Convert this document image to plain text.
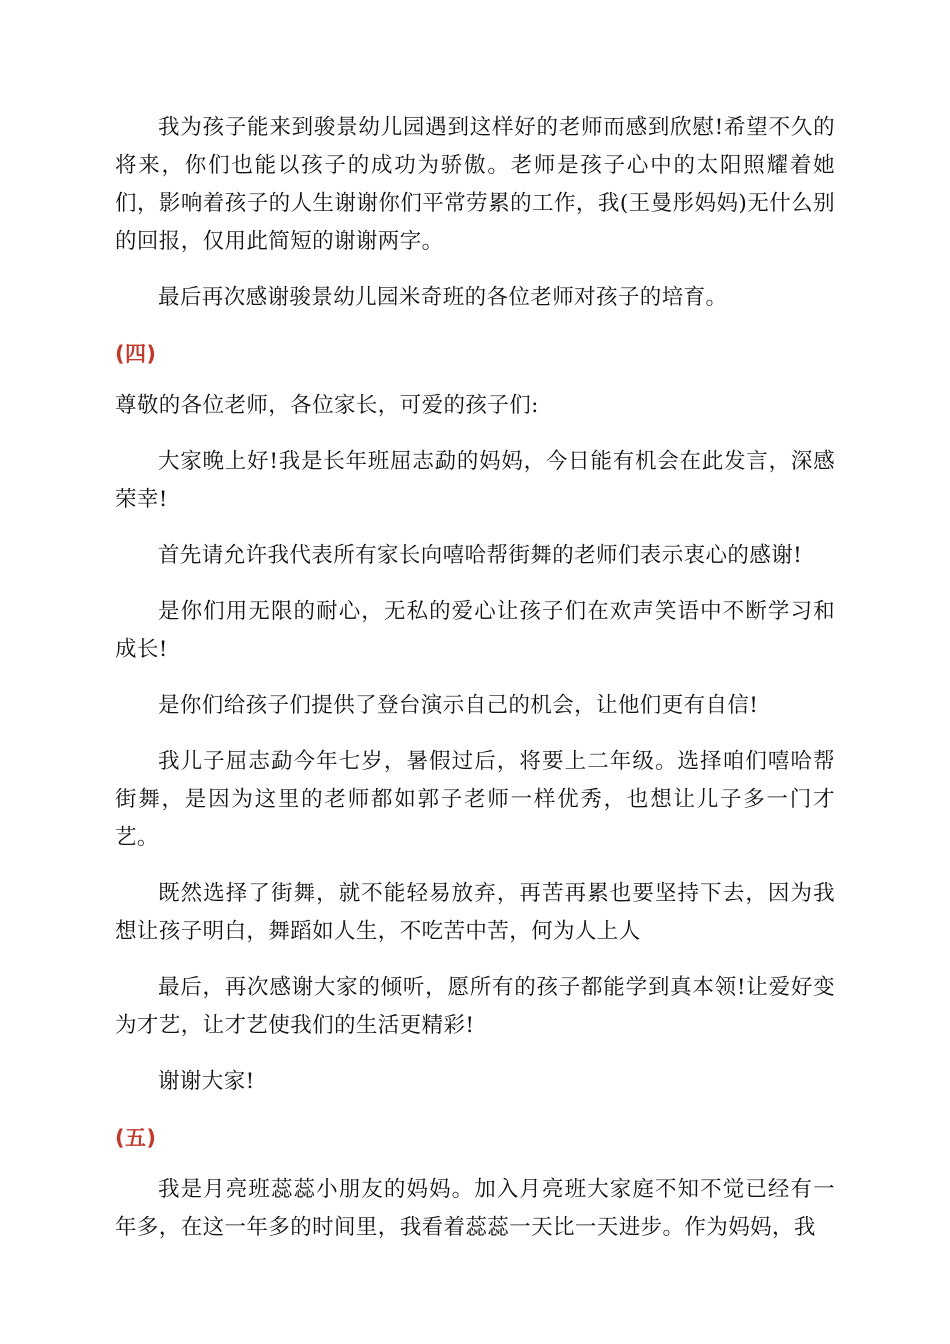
我为孩子能来到骏景幼儿园遇到这样好的老师而感到欣慰!希望不久的将来，你们也能以孩子的成功为骄傲。老师是孩子心中的太阳照耀着她们，影响着孩子的人生谢谢你们平常劳累的工作，我(王曼彤妈妈)无什么别的回报，仅用此简短的谢谢两字。

最后再次感谢骏景幼儿园米奇班的各位老师对孩子的培育。

(四)

尊敬的各位老师，各位家长，可爱的孩子们:

大家晚上好!我是长年班屈志勐的妈妈，今日能有机会在此发言，深感荣幸!

首先请允许我代表所有家长向嘻哈帮街舞的老师们表示衷心的感谢!

是你们用无限的耐心，无私的爱心让孩子们在欢声笑语中不断学习和成长!

是你们给孩子们提供了登台演示自己的机会，让他们更有自信!

我儿子屈志勐今年七岁，暑假过后，将要上二年级。选择咱们嘻哈帮街舞，是因为这里的老师都如郭子老师一样优秀，也想让儿子多一门才艺。

既然选择了街舞，就不能轻易放弃，再苦再累也要坚持下去，因为我想让孩子明白，舞蹈如人生，不吃苦中苦，何为人上人

最后，再次感谢大家的倾听，愿所有的孩子都能学到真本领!让爱好变为才艺，让才艺使我们的生活更精彩!

谢谢大家!

(五)

我是月亮班蕊蕊小朋友的妈妈。加入月亮班大家庭不知不觉已经有一年多，在这一年多的时间里，我看着蕊蕊一天比一天进步。作为妈妈，我
